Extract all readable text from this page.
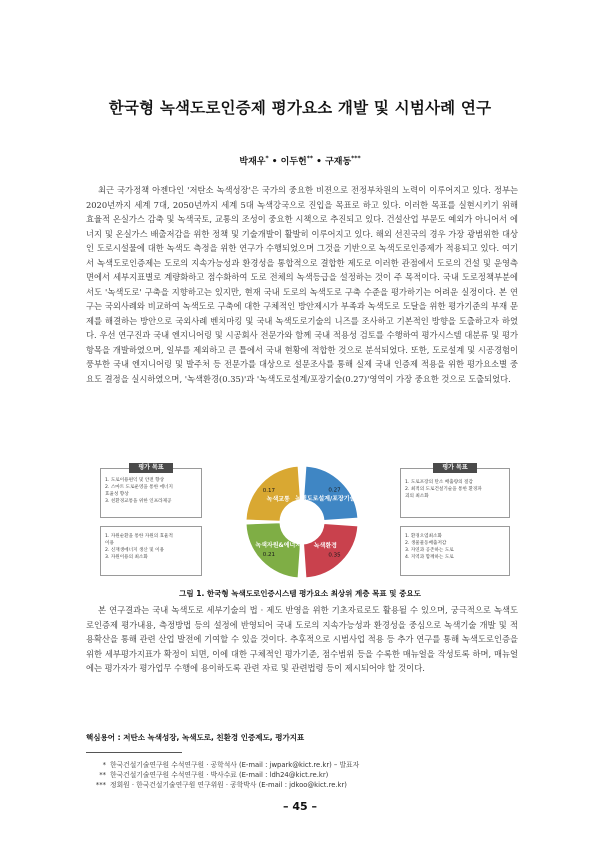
한국형 녹색도로인증제 평가요소 개발 및 시범사례 연구
박재우* • 이두헌** • 구재동***

최근 국가정책 아젠다인 '저탄소 녹색성장'은 국가의 중요한 비젼으로 전정부차원의 노력이 이루어지고 있다. 정부는 2020년까지 세계 7대, 2050년까지 세계 5대 녹색강국으로 진입을 목표로 하고 있다. 이러한 목표를 실현시키기 위해 효율적 온실가스 감축 및 녹색국토, 교통의 조성이 중요한 시책으로 추진되고 있다. 건설산업 부문도 예외가 아니어서 에너지 및 온실가스 배출저감을 위한 정책 및 기술개발이 활발히 이루어지고 있다. 해외 선진국의 경우 가장 광범위한 대상인 도로시설물에 대한 녹색도 측정을 위한 연구가 수행되었으며 그것을 기반으로 녹색도로인증제가 적용되고 있다. 여기서 녹색도로인증제는 도로의 지속가능성과 환경성을 통합적으로 결합한 제도로 이러한 관점에서 도로의 건설 및 운영측면에서 세부지표별로 계량화하고 점수화하여 도로 전체의 녹색등급을 설정하는 것이 주 목적이다. 국내 도로정책부분에서도 '녹색도로' 구축을 지향하고는 있지만, 현재 국내 도로의 녹색도로 구축 수준을 평가하기는 어려운 실정이다. 본 연구는 국외사례와 비교하여 녹색도로 구축에 대한 구체적인 방안제시가 부족과 녹색도로 도달을 위한 평가기준의 부재 문제를 해결하는 방안으로 국외사례 벤치마킹 및 국내 녹색도로기술의 니즈를 조사하고 기본적인 방향을 도출하고자 하였다. 우선 연구진과 국내 엔지니어링 및 시공회사 전문가와 함께 국내 적용성 검토를 수행하여 평가시스템 대분류 및 평가항목을 개발하였으며, 일부를 제외하고 큰 틀에서 국내 현황에 적합한 것으로 분석되었다. 또한, 도로설계 및 시공경험이 풍부한 국내 엔지니어링 및 발주처 등 전문가를 대상으로 설문조사를 통해 실제 국내 인증제 적용을 위한 평가요소별 중요도 결정을 실시하였으며, '녹색환경(0.35)'과 '녹색도로설계/포장기술(0.27)'영역이 가장 중요한 것으로 도출되었다.

평가 목표
1. 도로이용편익 및 안전 향상
2. 스마트 도로운영을 통한 에너지
효율성 향상
3. 친환경교통을 위한 인프라제공
1. 자원순환을 통한 자원의 효율적
이용
2. 신재생에너지 생산 및 이용
3. 자원이용의 최소화
평가 목표
1. 도로포장의 탄소 배출량의 절감
2. 최적의 도로건설기술을 통한 환경파
괴의 최소화
1. 환경오염최소화
2. 생물물동배출저감
3. 자연과 공존하는 도로
4. 지역과 함께하는 도로
0.17
녹색교통
0.27
녹색도로설계/포장기술
0.35
녹색환경
0.21
녹색자원&에너지
그림 1. 한국형 녹색도로인증시스템 평가요소 최상위 계층 목표 및 중요도

본 연구결과는 국내 녹색도로 세부기술의 법 · 제도 반영을 위한 기초자료로도 활용될 수 있으며, 궁극적으로 녹색도로인증제 평가내용, 측정방법 등의 설정에 반영되어 국내 도로의 지속가능성과 환경성을 중심으로 녹색기술 개발 및 적용확산을 통해 관련 산업 발전에 기여할 수 있을 것이다. 추후적으로 시범사업 적용 등 추가 연구를 통해 녹색도로인증을 위한 세부평가지표가 확정이 되면, 이에 대한 구체적인 평가기준, 점수범위 등을 수록한 매뉴얼을 작성토록 하며, 매뉴얼에는 평가자가 평가업무 수행에 용이하도록 관련 자료 및 관련법령 등이 제시되어야 할 것이다.

핵심용어 : 저탄소 녹색성장, 녹색도로, 친환경 인증제도, 평가지표
* 한국건설기술연구원 수석연구원 · 공학석사 (E-mail : jwpark@kict.re.kr) – 발표자
** 한국건설기술연구원 수석연구원 · 박사수료 (E-mail : ldh24@kict.re.kr)
*** 정회원 · 한국건설기술연구원 연구위원 · 공학박사 (E-mail : jdkoo@kict.re.kr)
– 45 –
